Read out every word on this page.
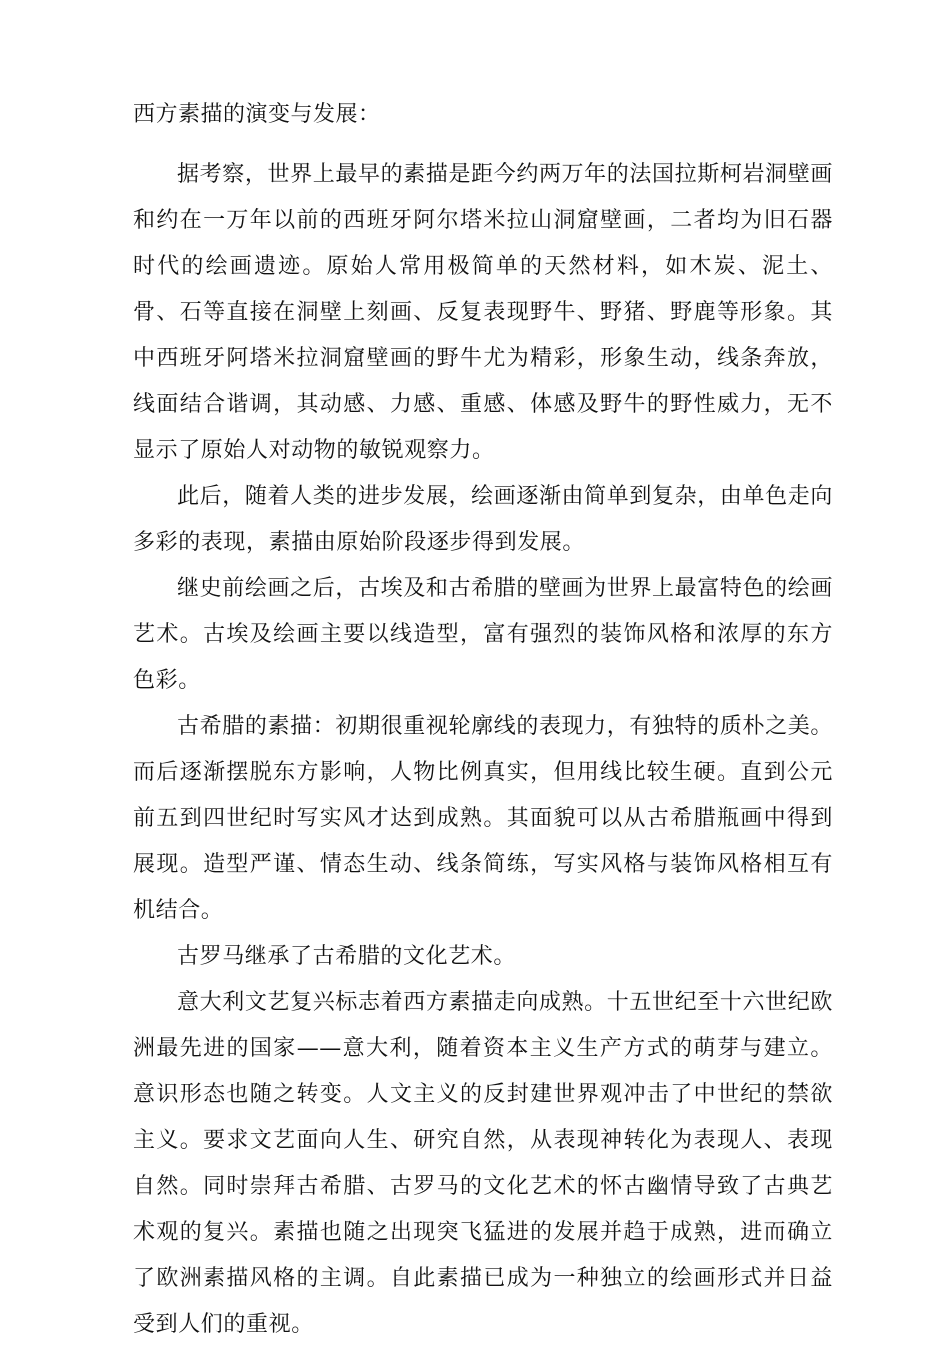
西方素描的演变与发展：

据考察，世界上最早的素描是距今约两万年的法国拉斯柯岩洞壁画和约在一万年以前的西班牙阿尔塔米拉山洞窟壁画，二者均为旧石器时代的绘画遗迹。原始人常用极简单的天然材料，如木炭、泥土、骨、石等直接在洞壁上刻画、反复表现野牛、野猪、野鹿等形象。其中西班牙阿塔米拉洞窟壁画的野牛尤为精彩，形象生动，线条奔放，线面结合谐调，其动感、力感、重感、体感及野牛的野性威力，无不显示了原始人对动物的敏锐观察力。

此后，随着人类的进步发展，绘画逐渐由简单到复杂，由单色走向多彩的表现，素描由原始阶段逐步得到发展。

继史前绘画之后，古埃及和古希腊的壁画为世界上最富特色的绘画艺术。古埃及绘画主要以线造型，富有强烈的装饰风格和浓厚的东方色彩。

古希腊的素描：初期很重视轮廓线的表现力，有独特的质朴之美。而后逐渐摆脱东方影响，人物比例真实，但用线比较生硬。直到公元前五到四世纪时写实风才达到成熟。其面貌可以从古希腊瓶画中得到展现。造型严谨、情态生动、线条简练，写实风格与装饰风格相互有机结合。

古罗马继承了古希腊的文化艺术。

意大利文艺复兴标志着西方素描走向成熟。十五世纪至十六世纪欧洲最先进的国家——意大利，随着资本主义生产方式的萌芽与建立。意识形态也随之转变。人文主义的反封建世界观冲击了中世纪的禁欲主义。要求文艺面向人生、研究自然，从表现神转化为表现人、表现自然。同时崇拜古希腊、古罗马的文化艺术的怀古幽情导致了古典艺术观的复兴。素描也随之出现突飞猛进的发展并趋于成熟，进而确立了欧洲素描风格的主调。自此素描已成为一种独立的绘画形式并日益受到人们的重视。
